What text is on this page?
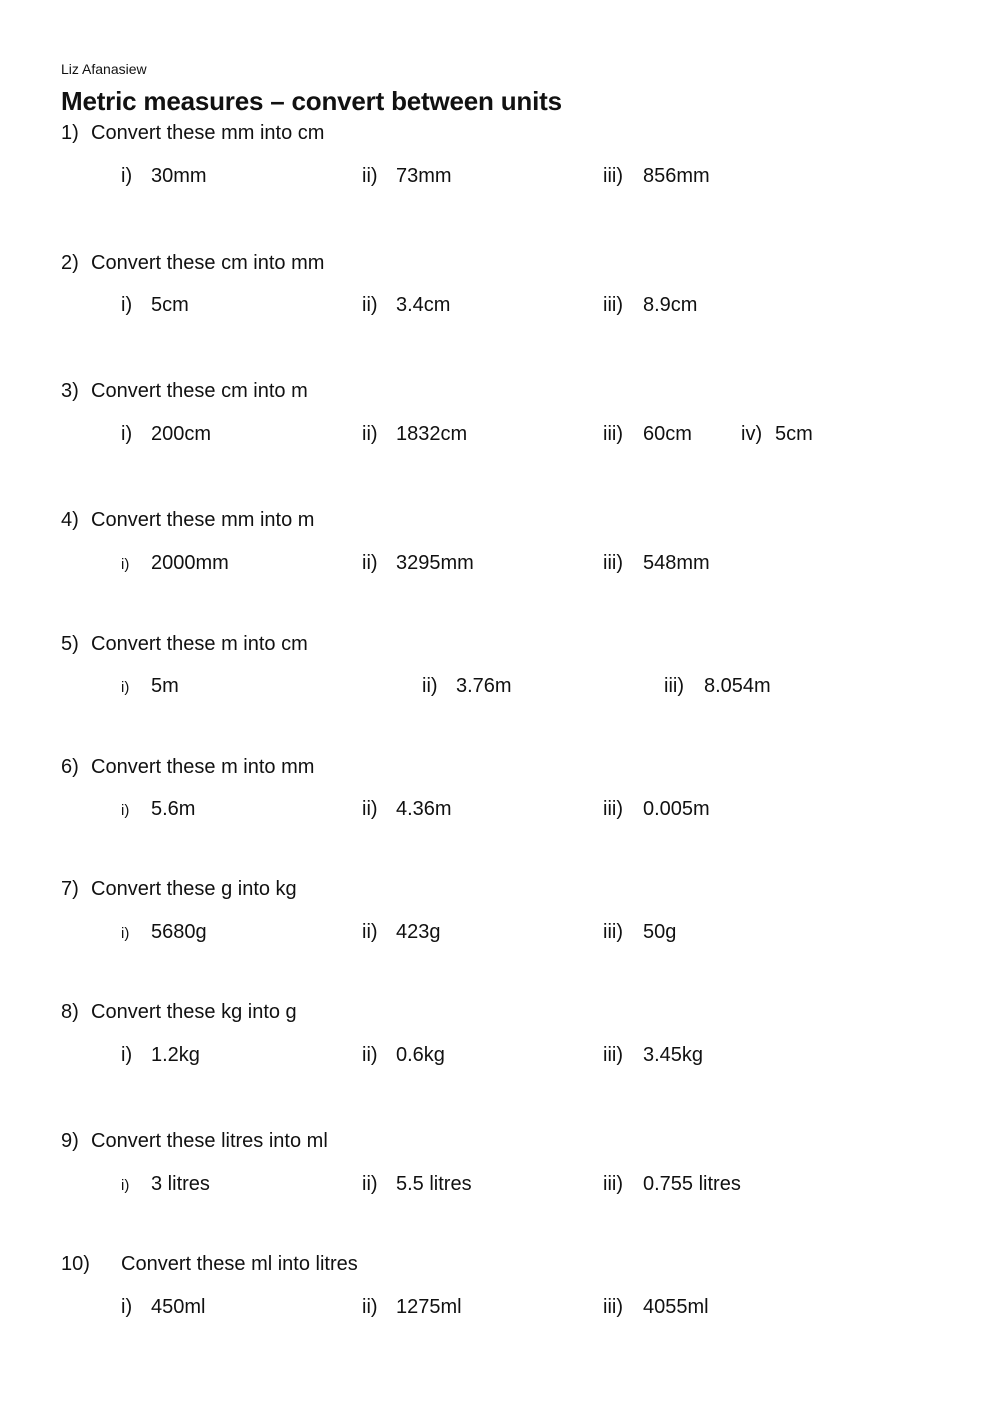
Liz Afanasiew
Metric measures – convert between units
1) Convert these mm into cm
i) 30mm	ii) 73mm	iii) 856mm
2) Convert these cm into mm
i) 5cm	ii) 3.4cm	iii) 8.9cm
3) Convert these cm into m
i) 200cm	ii) 1832cm	iii) 60cm iv) 5cm
4) Convert these mm into m
i) 2000mm	ii) 3295mm	iii) 548mm
5) Convert these m into cm
i) 5m	ii) 3.76m	iii) 8.054m
6) Convert these m into mm
i) 5.6m	ii) 4.36m	iii) 0.005m
7) Convert these g into kg
i) 5680g	ii) 423g	iii) 50g
8) Convert these kg into g
i) 1.2kg	ii) 0.6kg	iii) 3.45kg
9) Convert these litres into ml
i) 3 litres	ii) 5.5 litres	iii) 0.755 litres
10) Convert these ml into litres
i) 450ml	ii) 1275ml	iii) 4055ml
